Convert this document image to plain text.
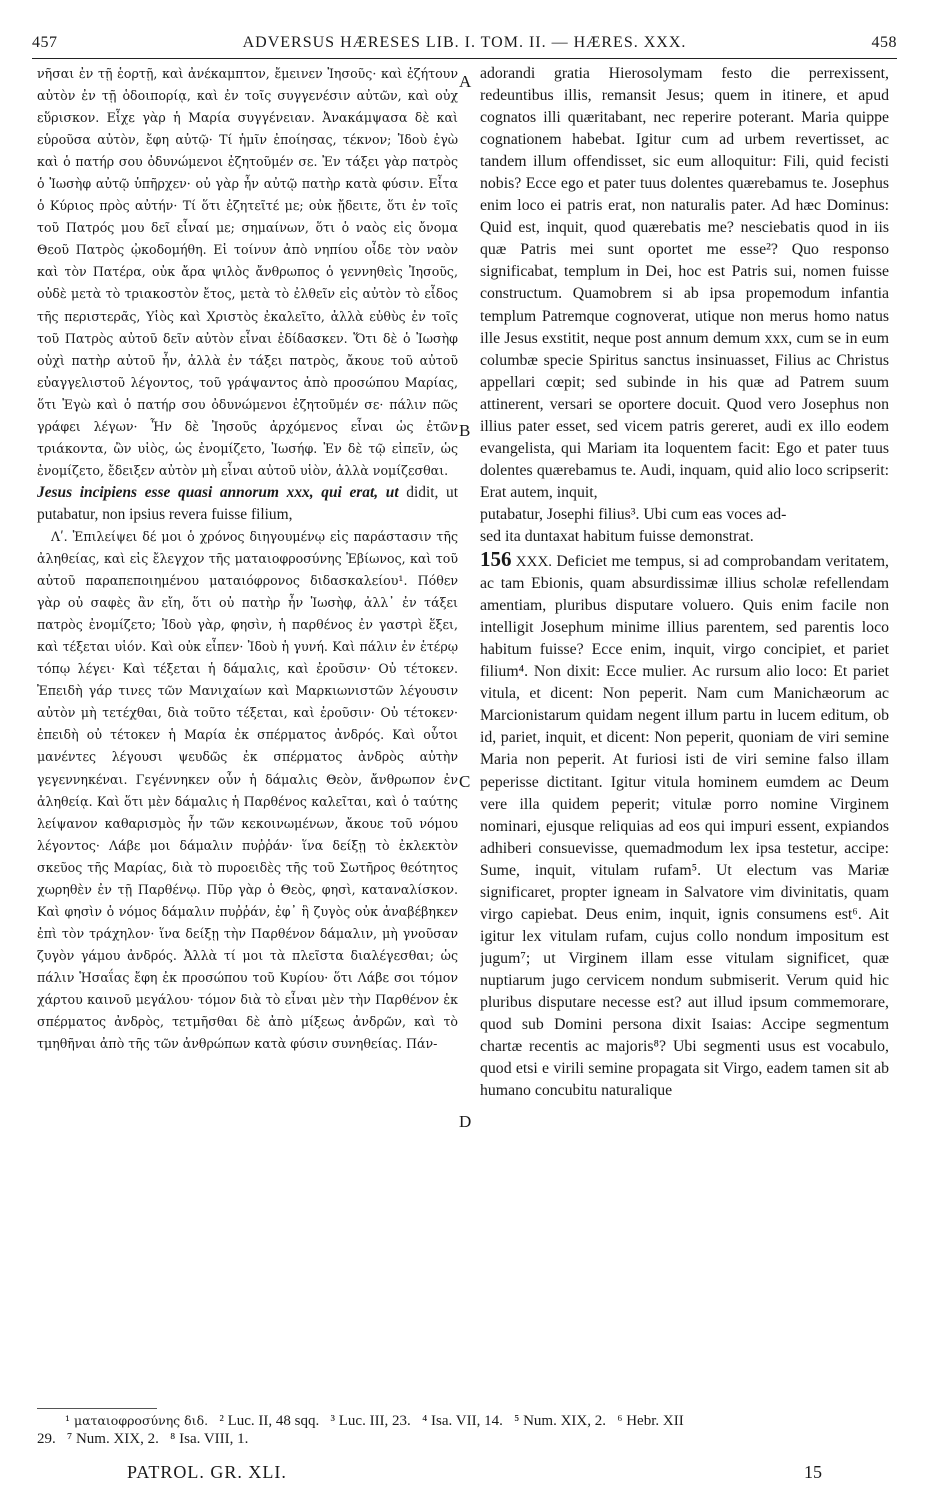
457	ADVERSUS HÆRESES LIB. I. TOM. II. — HÆRES. XXX.	458

νῆσαι ἐν τῇ ἑορτῇ, καὶ ἀνέκαμπτον, ἔμεινεν Ἰησοῦς· καὶ ἐζήτουν αὐτὸν ἐν τῇ ὁδοιπορίᾳ, καὶ ἐν τοῖς συγγενέσιν αὐτῶν, καὶ οὐχ εὕρισκον. Εἶχε γὰρ ἡ Μαρία συγγένειαν. Ἀνακάμψασα δὲ καὶ εὑροῦσα αὐτὸν, ἔφη αὐτῷ· Τί ἡμῖν ἐποίησας, τέκνον; Ἰδοὺ ἐγὼ καὶ ὁ πατήρ σου ὀδυνώμενοι ἐζητοῦμέν σε. Ἐν τάξει γὰρ πατρὸς ὁ Ἰωσὴφ αὐτῷ ὑπῆρχεν· οὐ γὰρ ἦν αὐτῷ πατὴρ κατὰ φύσιν. Εἶτα ὁ Κύριος πρὸς αὐτήν· Τί ὅτι ἐζητεῖτέ με; οὐκ ᾔδειτε, ὅτι ἐν τοῖς τοῦ Πατρός μου δεῖ εἶναί με; σημαίνων, ὅτι ὁ ναὸς εἰς ὄνομα Θεοῦ Πατρὸς ᾠκοδομήθη. Εἰ τοίνυν ἀπὸ νηπίου οἶδε τὸν ναὸν καὶ τὸν Πατέρα, οὐκ ἄρα ψιλὸς ἄνθρωπος ὁ γεννηθεὶς Ἰησοῦς, οὐδὲ μετὰ τὸ τριακοστὸν ἔτος, μετὰ τὸ ἐλθεῖν εἰς αὐτὸν τὸ εἶδος τῆς περιστερᾶς, Υἱὸς καὶ Χριστὸς ἐκαλεῖτο, ἀλλὰ εὐθὺς ἐν τοῖς τοῦ Πατρὸς αὐτοῦ δεῖν αὐτὸν εἶναι ἐδίδασκεν. Ὅτι δὲ ὁ Ἰωσὴφ οὐχὶ πατὴρ αὐτοῦ ἦν, ἀλλὰ ἐν τάξει πατρὸς, ἄκουε τοῦ αὐτοῦ εὐαγγελιστοῦ λέγοντος, τοῦ γράψαντος ἀπὸ προσώπου Μαρίας, ὅτι Ἐγὼ καὶ ὁ πατήρ σου ὀδυνώμενοι ἐζητοῦμέν σε· πάλιν πῶς γράφει λέγων· Ἦν δὲ Ἰησοῦς ἀρχόμενος εἶναι ὡς ἐτῶν τριάκοντα, ὢν υἱὸς, ὡς ἐνομίζετο, Ἰωσήφ. Ἐν δὲ τῷ εἰπεῖν, ὡς ἐνομίζετο, ἔδειξεν αὐτὸν μὴ εἶναι αὐτοῦ υἱὸν, ἀλλὰ νομίζεσθαι.

Jesus incipiens esse quasi annorum xxx, qui erat, ut didit, ut putabatur, non ipsius revera fuisse filium,

Λʹ. Ἐπιλείψει δέ μοι ὁ χρόνος διηγουμένῳ εἰς παράστασιν τῆς ἀληθείας, καὶ εἰς ἔλεγχον τῆς ματαιοφροσύνης Ἐβίωνος, καὶ τοῦ αὐτοῦ παραπεποιημένου ματαιόφρονος διδασκαλείου¹. Πόθεν γὰρ οὐ σαφὲς ἂν εἴη, ὅτι οὐ πατὴρ ἦν Ἰωσὴφ, ἀλλ᾽ ἐν τάξει πατρὸς ἐνομίζετο; Ἰδοὺ γὰρ, φησὶν, ἡ παρθένος ἐν γαστρὶ ἕξει, καὶ τέξεται υἱόν. Καὶ οὐκ εἶπεν· Ἰδοὺ ἡ γυνή. Καὶ πάλιν ἐν ἑτέρῳ τόπῳ λέγει· Καὶ τέξεται ἡ δάμαλις, καὶ ἐροῦσιν· Οὐ τέτοκεν. Ἐπειδὴ γάρ τινες τῶν Μανιχαίων καὶ Μαρκιωνιστῶν λέγουσιν αὐτὸν μὴ τετέχθαι, διὰ τοῦτο τέξεται, καὶ ἐροῦσιν· Οὐ τέτοκεν· ἐπειδὴ οὐ τέτοκεν ἡ Μαρία ἐκ σπέρματος ἀνδρός. Καὶ οὗτοι μανέντες λέγουσι ψευδῶς ἐκ σπέρματος ἀνδρὸς αὐτὴν γεγεννηκέναι. Γεγέννηκεν οὖν ἡ δάμαλις Θεὸν, ἄνθρωπον ἐν ἀληθείᾳ. Καὶ ὅτι μὲν δάμαλις ἡ Παρθένος καλεῖται, καὶ ὁ ταύτης λείψανον καθαρισμὸς ἦν τῶν κεκοινωμένων, ἄκουε τοῦ νόμου λέγοντος· Λάβε μοι δάμαλιν πυῤῥάν· ἵνα δείξῃ τὸ ἐκλεκτὸν σκεῦος τῆς Μαρίας, διὰ τὸ πυροειδὲς τῆς τοῦ Σωτῆρος θεότητος χωρηθὲν ἐν τῇ Παρθένῳ. Πῦρ γὰρ ὁ Θεὸς, φησὶ, καταναλίσκον. Καὶ φησὶν ὁ νόμος δάμαλιν πυῤῥάν, ἐφ᾽ ἣ ζυγὸς οὐκ ἀναβέβηκεν ἐπὶ τὸν τράχηλον· ἵνα δείξῃ τὴν Παρθένον δάμαλιν, μὴ γνοῦσαν ζυγὸν γάμου ἀνδρός. Ἀλλὰ τί μοι τὰ πλεῖστα διαλέγεσθαι; ὡς πάλιν Ἡσαΐας ἔφη ἐκ προσώπου τοῦ Κυρίου· ὅτι Λάβε σοι τόμον χάρτου καινοῦ μεγάλου· τόμον διὰ τὸ εἶναι μὲν τὴν Παρθένον ἐκ σπέρματος ἀνδρὸς, τετμῆσθαι δὲ ἀπὸ μίξεως ἀνδρῶν, καὶ τὸ τμηθῆναι ἀπὸ τῆς τῶν ἀνθρώπων κατὰ φύσιν συνηθείας. Πάν-

A
B
C
D

adorandi gratia Hierosolymam festo die perrexissent, redeuntibus illis, remansit Jesus; quem in itinere, et apud cognatos illi quæritabant, nec reperire poterant. Maria quippe cognationem habebat. Igitur cum ad urbem revertisset, ac tandem illum offendisset, sic eum alloquitur: Fili, quid fecisti nobis? Ecce ego et pater tuus dolentes quærebamus te. Josephus enim loco ei patris erat, non naturalis pater. Ad hæc Dominus: Quid est, inquit, quod quærebatis me? nesciebatis quod in iis quæ Patris mei sunt oportet me esse²? Quo responso significabat, templum in Dei, hoc est Patris sui, nomen fuisse constructum. Quamobrem si ab ipsa propemodum infantia templum Patremque cognoverat, utique non merus homo natus ille Jesus exstitit, neque post annum demum xxx, cum se in eum columbæ specie Spiritus sanctus insinuasset, Filius ac Christus appellari cœpit; sed subinde in his quæ ad Patrem suum attinerent, versari se oportere docuit. Quod vero Josephus non illius pater esset, sed vicem patris gereret, audi ex illo eodem evangelista, qui Mariam ita loquentem facit: Ego et pater tuus dolentes quærebamus te. Audi, inquam, quid alio loco scripserit: Erat autem, inquit,

putabatur, Josephi filius³. Ubi cum eas voces ad-

sed ita duntaxat habitum fuisse demonstrat.

156 XXX. Deficiet me tempus, si ad comprobandam veritatem, ac tam Ebionis, quam absurdissimæ illius scholæ refellendam amentiam, pluribus disputare voluero. Quis enim facile non intelligit Josephum minime illius parentem, sed parentis loco habitum fuisse? Ecce enim, inquit, virgo concipiet, et pariet filium⁴. Non dixit: Ecce mulier. Ac rursum alio loco: Et pariet vitula, et dicent: Non peperit. Nam cum Manichæorum ac Marcionistarum quidam negent illum partu in lucem editum, ob id, pariet, inquit, et dicent: Non peperit, quoniam de viri semine Maria non peperit. At furiosi isti de viri semine falso illam peperisse dictitant. Igitur vitula hominem eumdem ac Deum vere illa quidem peperit; vitulæ porro nomine Virginem nominari, ejusque reliquias ad eos qui impuri essent, expiandos adhiberi consuevisse, quemadmodum lex ipsa testetur, accipe: Sume, inquit, vitulam rufam⁵. Ut electum vas Mariæ significaret, propter igneam in Salvatore vim divinitatis, quam virgo capiebat. Deus enim, inquit, ignis consumens est⁶. Ait igitur lex vitulam rufam, cujus collo nondum impositum est jugum⁷; ut Virginem illam esse vitulam significet, quæ nuptiarum jugo cervicem nondum submiserit. Verum quid hic pluribus disputare necesse est? aut illud ipsum commemorare, quod sub Domini persona dixit Isaias: Accipe segmentum chartæ recentis ac majoris⁸? Ubi segmenti usus est vocabulo, quod etsi e virili semine propagata sit Virgo, eadem tamen sit ab humano concubitu naturalique

¹ ματαιοφροσύνης διδ. ² Luc. II, 48 sqq. ³ Luc. III, 23. ⁴ Isa. VII, 14. ⁵ Num. XIX, 2. ⁶ Hebr. XII
29. ⁷ Num. XIX, 2. ⁸ Isa. VIII, 1.
PATROL. GR. XLI.	15
